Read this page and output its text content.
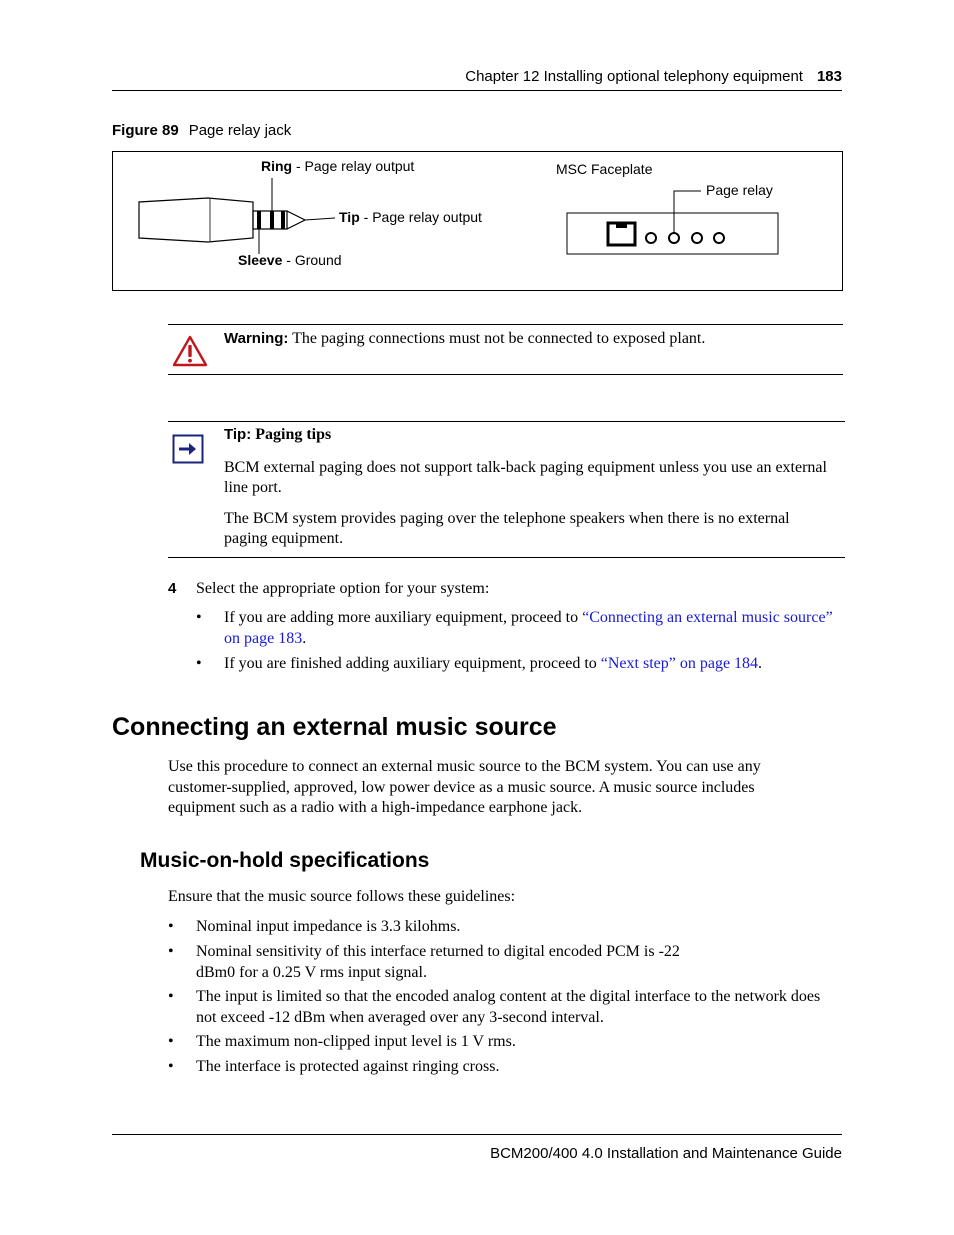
Chapter 12 Installing optional telephony equipment 183
Figure 89 Page relay jack
Ring - Page relay output
Tip - Page relay output
Sleeve - Ground
MSC Faceplate
Page relay
Warning: The paging connections must not be connected to exposed plant.
Tip: Paging tips
BCM external paging does not support talk-back paging equipment unless you use an external line port.
The BCM system provides paging over the telephone speakers when there is no external paging equipment.
4 Select the appropriate option for your system:
• If you are adding more auxiliary equipment, proceed to “Connecting an external music source” on page 183.
• If you are finished adding auxiliary equipment, proceed to “Next step” on page 184.
Connecting an external music source
Use this procedure to connect an external music source to the BCM system. You can use any customer-supplied, approved, low power device as a music source. A music source includes equipment such as a radio with a high-impedance earphone jack.
Music-on-hold specifications
Ensure that the music source follows these guidelines:
• Nominal input impedance is 3.3 kilohms.
• Nominal sensitivity of this interface returned to digital encoded PCM is -22 dBm0 for a 0.25 V rms input signal.
• The input is limited so that the encoded analog content at the digital interface to the network does not exceed -12 dBm when averaged over any 3-second interval.
• The maximum non-clipped input level is 1 V rms.
• The interface is protected against ringing cross.
BCM200/400 4.0 Installation and Maintenance Guide
